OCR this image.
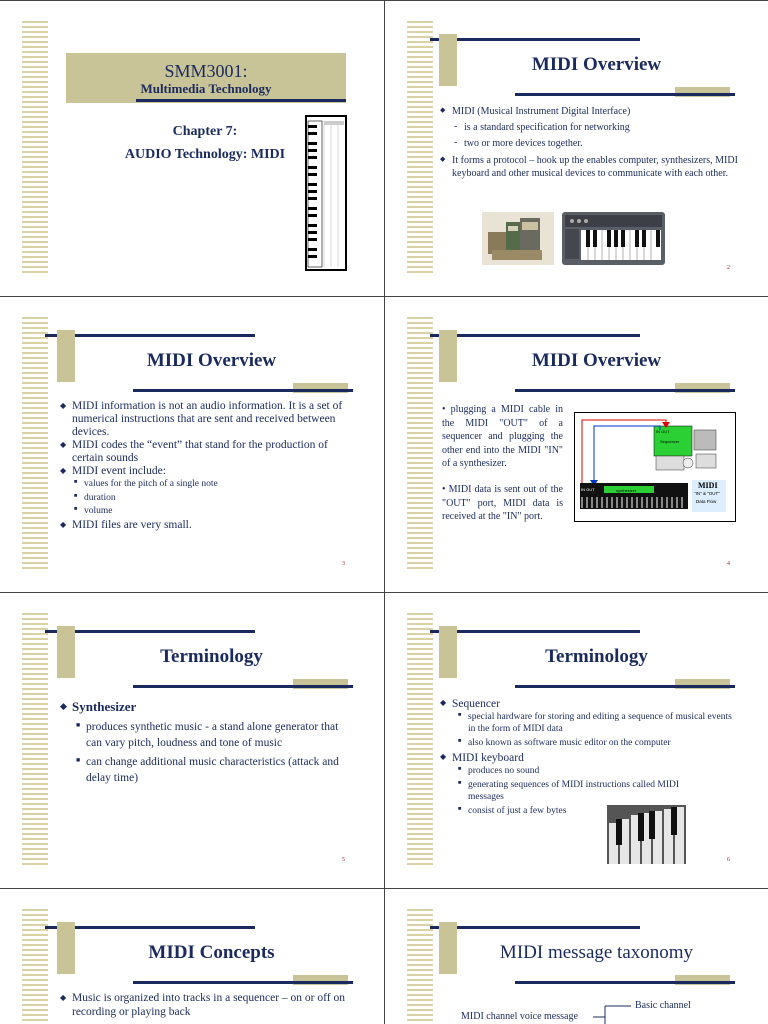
SMM3001:
Multimedia Technology
Chapter 7:
AUDIO Technology: MIDI
MIDI Overview
◆ MIDI (Musical Instrument Digital Interface)
- is a standard specification for networking
- two or more devices together.
◆ It forms a protocol – hook up the enables computer, synthesizers, MIDI keyboard and other musical devices to communicate with each other.
2
MIDI Overview
◆ MIDI information is not an audio information. It is a set of numerical instructions that are sent and received between devices.
◆ MIDI codes the “event” that stand for the production of certain sounds
◆ MIDI event include:
■ values for the pitch of a single note
■ duration
■ volume
◆ MIDI files are very small.
3
MIDI Overview
• plugging a MIDI cable in the MIDI "OUT" of a sequencer and plugging the other end into the MIDI "IN" of a synthesizer.
• MIDI data is sent out of the "OUT" port, MIDI data is received at the "IN" port.
IN OUT
Sequencer
IN OUT	synthesizer
MIDI
"IN" & "OUT"
Data Flow
4
Terminology
◆ Synthesizer
■ produces synthetic music - a stand alone generator that can vary pitch, loudness and tone of music
■ can change additional music characteristics (attack and delay time)
5
Terminology
◆ Sequencer
■ special hardware for storing and editing a sequence of musical events in the form of MIDI data
■ also known as software music editor on the computer
◆ MIDI keyboard
■ produces no sound
■ generating sequences of MIDI instructions called MIDI messages
■ consist of just a few bytes
6
MIDI Concepts
◆ Music is organized into tracks in a sequencer – on or off on recording or playing back
MIDI message taxonomy
MIDI channel voice message
Basic channel
